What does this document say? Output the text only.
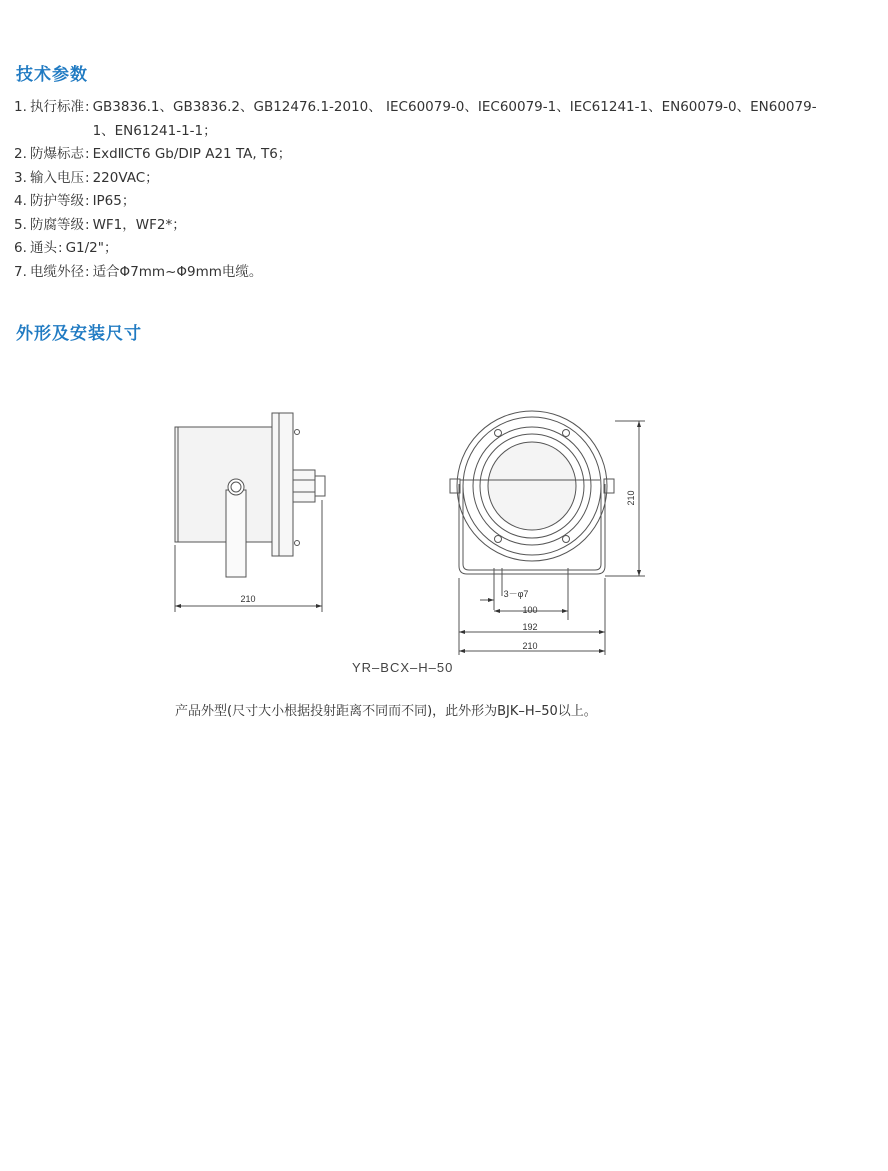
技术参数
1. 执行标准 : GB3836.1、GB3836.2、GB12476.1-2010、 IEC60079-0、IEC60079-1、IEC61241-1、EN60079-0、EN60079-1、EN61241-1-1；
2. 防爆标志 : ExdⅡCT6 Gb/DIP A21 TA, T6；
3. 输入电压 : 220VAC；
4. 防护等级 : IP65；
5. 防腐等级 : WF1，WF2*；
6. 通头 : G1/2"；
7. 电缆外径 : 适合Φ7mm~Φ9mm电缆。
外形及安装尺寸
210
210
3－φ7
100
192
210
YR–BCX–H–50
产品外型(尺寸大小根据投射距离不同而不同)，此外形为BJK–H–50以上。
